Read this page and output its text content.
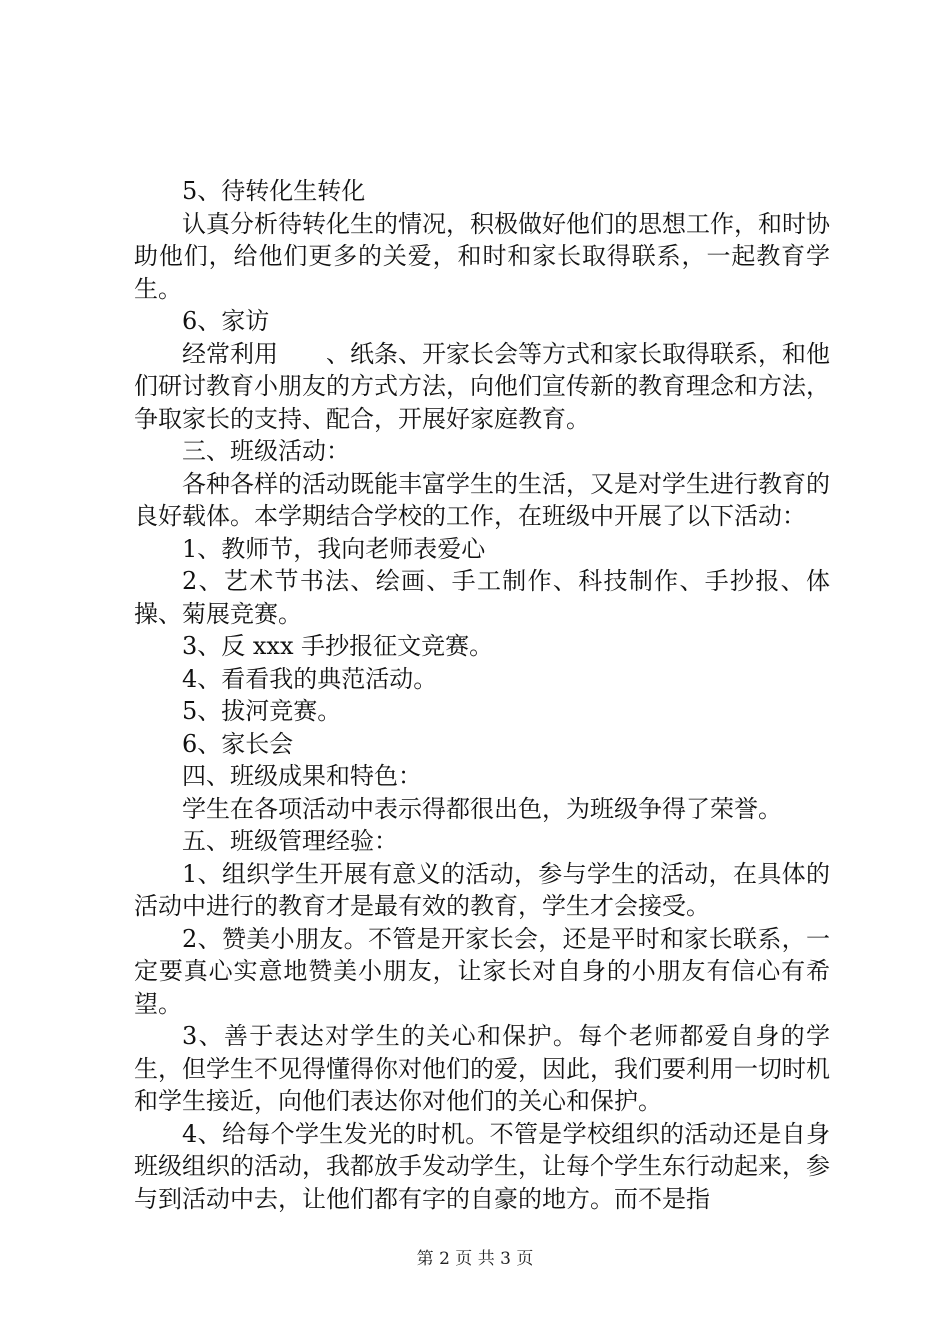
5、待转化生转化

认真分析待转化生的情况，积极做好他们的思想工作，和时协助他们，给他们更多的关爱，和时和家长取得联系，一起教育学生。

6、家访

经常利用　　、纸条、开家长会等方式和家长取得联系，和他们研讨教育小朋友的方式方法，向他们宣传新的教育理念和方法，争取家长的支持、配合，开展好家庭教育。

三、班级活动：

各种各样的活动既能丰富学生的生活，又是对学生进行教育的良好载体。本学期结合学校的工作，在班级中开展了以下活动：

1、教师节，我向老师表爱心

2、艺术节书法、绘画、手工制作、科技制作、手抄报、体操、菊展竞赛。

3、反 xxx 手抄报征文竞赛。

4、看看我的典范活动。

5、拔河竞赛。

6、家长会

四、班级成果和特色：

学生在各项活动中表示得都很出色，为班级争得了荣誉。

五、班级管理经验：

1、组织学生开展有意义的活动，参与学生的活动，在具体的活动中进行的教育才是最有效的教育，学生才会接受。

2、赞美小朋友。不管是开家长会，还是平时和家长联系，一定要真心实意地赞美小朋友，让家长对自身的小朋友有信心有希望。

3、善于表达对学生的关心和保护。每个老师都爱自身的学生，但学生不见得懂得你对他们的爱，因此，我们要利用一切时机和学生接近，向他们表达你对他们的关心和保护。

4、给每个学生发光的时机。不管是学校组织的活动还是自身班级组织的活动，我都放手发动学生，让每个学生东行动起来，参与到活动中去，让他们都有字的自豪的地方。而不是指

第 2 页 共 3 页
